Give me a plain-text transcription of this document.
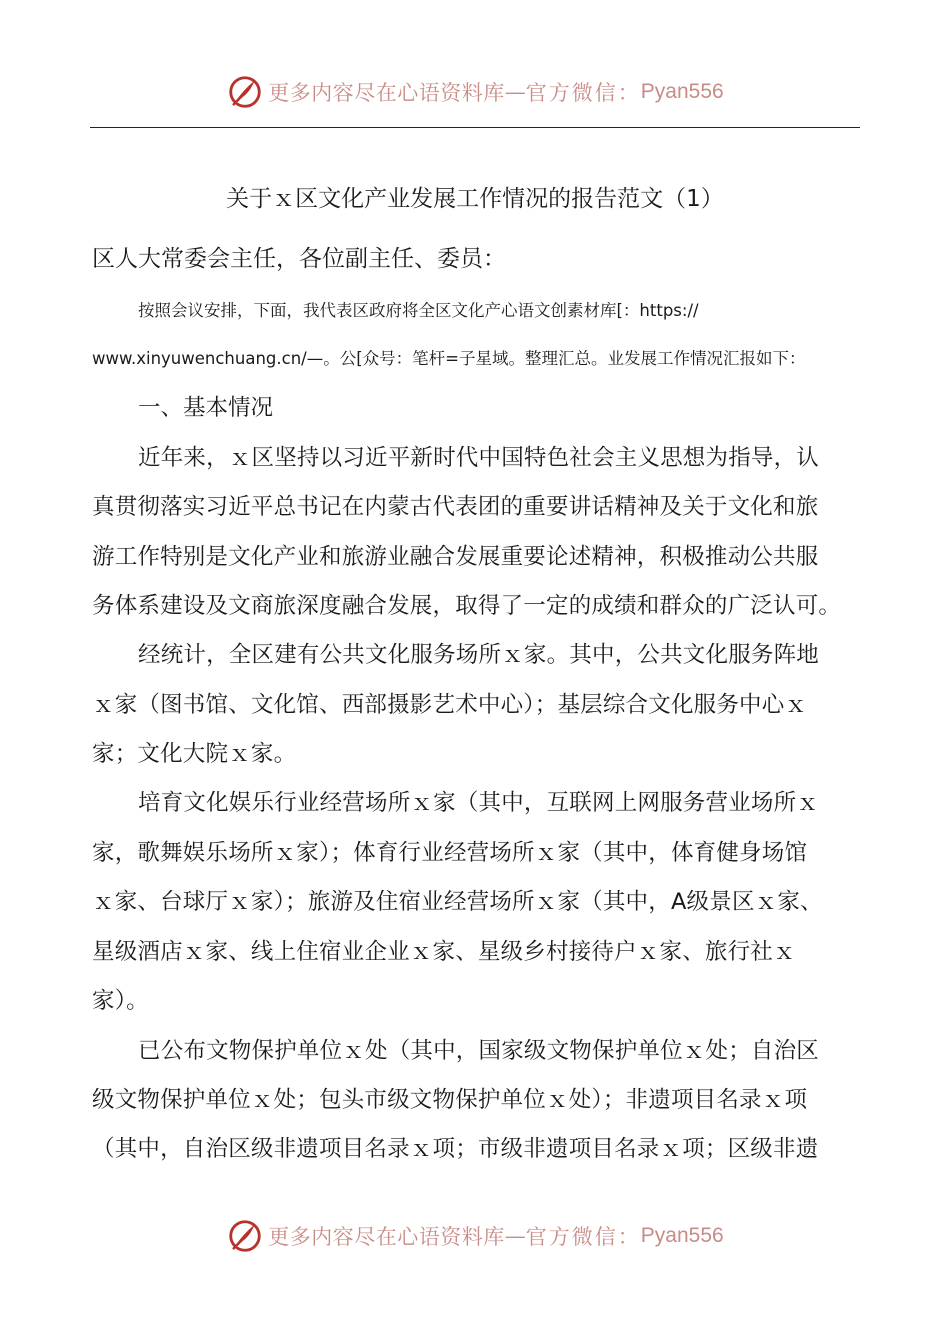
更多内容尽在心语资料库 — 官方微信： Pyan556

关于ｘ区文化产业发展工作情况的报告范文（1）

区人大常委会主任，各位副主任、委员：

按照会议安排，下面，我代表区政府将全区文化产心语文创素材库[：https://

www.xinyuwenchuang.cn/—。公[众号：笔杆=子星域。整理汇总。业发展工作情况汇报如下：

一、基本情况

近年来，ｘ区坚持以习近平新时代中国特色社会主义思想为指导，认

真贯彻落实习近平总书记在内蒙古代表团的重要讲话精神及关于文化和旅

游工作特别是文化产业和旅游业融合发展重要论述精神，积极推动公共服

务体系建设及文商旅深度融合发展，取得了一定的成绩和群众的广泛认可。

经统计，全区建有公共文化服务场所ｘ家。其中，公共文化服务阵地

ｘ家（图书馆、文化馆、西部摄影艺术中心）；基层综合文化服务中心ｘ

家；文化大院ｘ家。

培育文化娱乐行业经营场所ｘ家（其中，互联网上网服务营业场所ｘ

家，歌舞娱乐场所ｘ家）；体育行业经营场所ｘ家（其中，体育健身场馆

ｘ家、台球厅ｘ家）；旅游及住宿业经营场所ｘ家（其中，A级景区ｘ家、

星级酒店ｘ家、线上住宿业企业ｘ家、星级乡村接待户ｘ家、旅行社ｘ

家）。

已公布文物保护单位ｘ处（其中，国家级文物保护单位ｘ处；自治区

级文物保护单位ｘ处；包头市级文物保护单位ｘ处）；非遗项目名录ｘ项

（其中，自治区级非遗项目名录ｘ项；市级非遗项目名录ｘ项；区级非遗

更多内容尽在心语资料库 — 官方微信： Pyan556
